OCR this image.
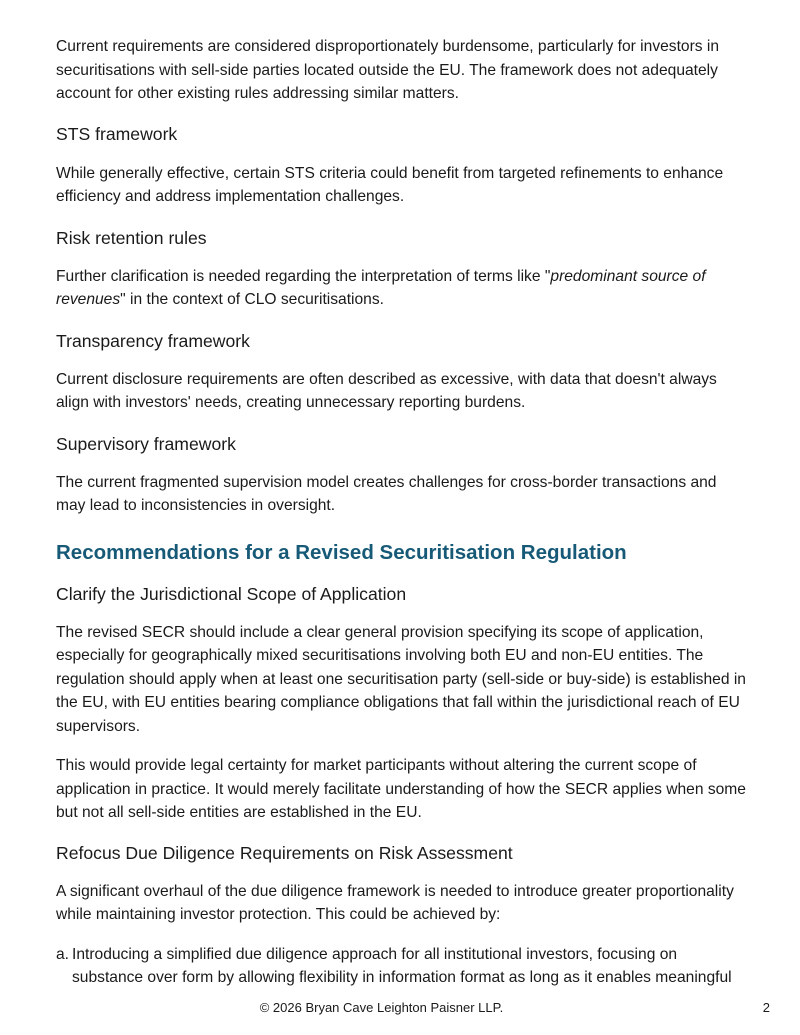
Current requirements are considered disproportionately burdensome, particularly for investors in securitisations with sell-side parties located outside the EU. The framework does not adequately account for other existing rules addressing similar matters.

STS framework

While generally effective, certain STS criteria could benefit from targeted refinements to enhance efficiency and address implementation challenges.

Risk retention rules

Further clarification is needed regarding the interpretation of terms like "predominant source of revenues" in the context of CLO securitisations.

Transparency framework

Current disclosure requirements are often described as excessive, with data that doesn't always align with investors' needs, creating unnecessary reporting burdens.

Supervisory framework

The current fragmented supervision model creates challenges for cross-border transactions and may lead to inconsistencies in oversight.

Recommendations for a Revised Securitisation Regulation
Clarify the Jurisdictional Scope of Application

The revised SECR should include a clear general provision specifying its scope of application, especially for geographically mixed securitisations involving both EU and non-EU entities. The regulation should apply when at least one securitisation party (sell-side or buy-side) is established in the EU, with EU entities bearing compliance obligations that fall within the jurisdictional reach of EU supervisors.

This would provide legal certainty for market participants without altering the current scope of application in practice. It would merely facilitate understanding of how the SECR applies when some but not all sell-side entities are established in the EU.

Refocus Due Diligence Requirements on Risk Assessment

A significant overhaul of the due diligence framework is needed to introduce greater proportionality while maintaining investor protection. This could be achieved by:

a. Introducing a simplified due diligence approach for all institutional investors, focusing on substance over form by allowing flexibility in information format as long as it enables meaningful
© 2026 Bryan Cave Leighton Paisner LLP.	2
